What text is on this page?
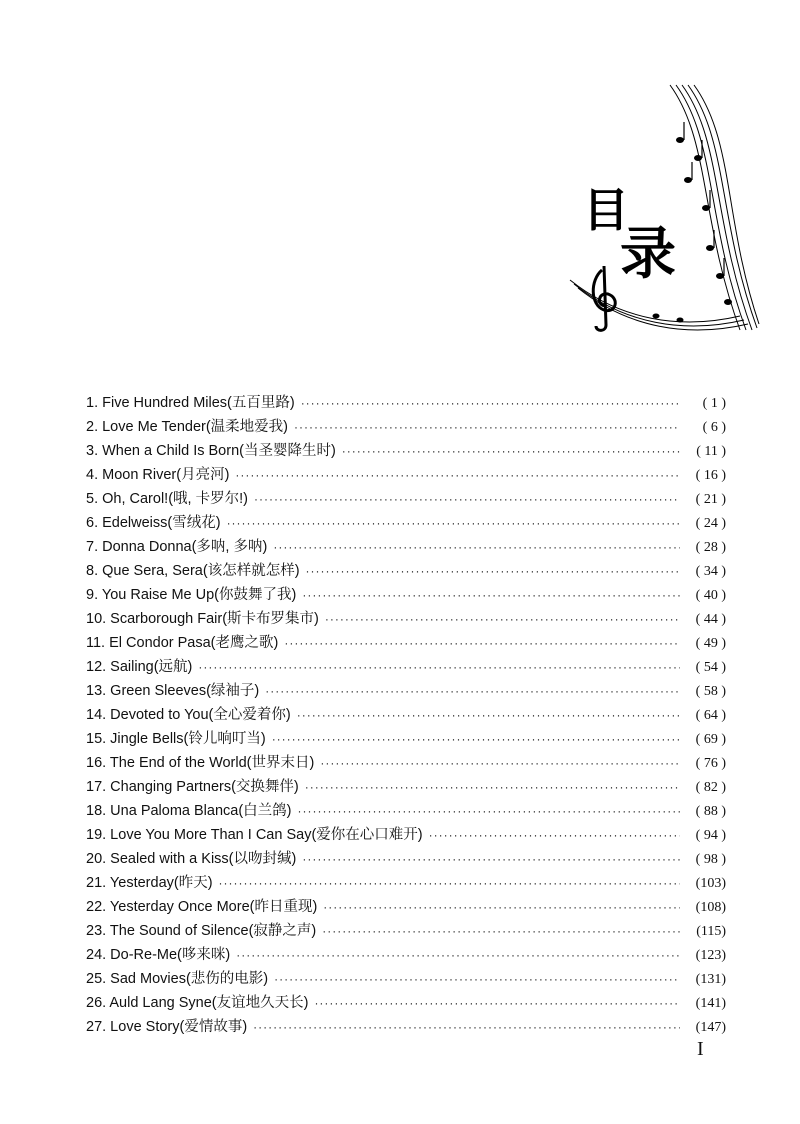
目
录
1. Five Hundred Miles(五百里路) ·····	( 1 )
2. Love Me Tender(温柔地爱我) ·····	( 6 )
3. When a Child Is Born(当圣婴降生时) ·····	( 11 )
4. Moon River(月亮河) ·····	( 16 )
5. Oh, Carol!(哦, 卡罗尔!) ·····	( 21 )
6. Edelweiss(雪绒花) ·····	( 24 )
7. Donna Donna(多呐, 多呐) ·····	( 28 )
8. Que Sera, Sera(该怎样就怎样) ·····	( 34 )
9. You Raise Me Up(你鼓舞了我) ·····	( 40 )
10. Scarborough Fair(斯卡布罗集市) ·····	( 44 )
11. El Condor Pasa(老鹰之歌) ·····	( 49 )
12. Sailing(远航) ·····	( 54 )
13. Green Sleeves(绿袖子) ·····	( 58 )
14. Devoted to You(全心爱着你) ·····	( 64 )
15. Jingle Bells(铃儿响叮当) ·····	( 69 )
16. The End of the World(世界末日) ·····	( 76 )
17. Changing Partners(交换舞伴) ·····	( 82 )
18. Una Paloma Blanca(白兰鸽) ·····	( 88 )
19. Love You More Than I Can Say(爱你在心口难开) ·····	( 94 )
20. Sealed with a Kiss(以吻封缄) ·····	( 98 )
21. Yesterday(昨天) ·····	(103)
22. Yesterday Once More(昨日重现) ·····	(108)
23. The Sound of Silence(寂静之声) ·····	(115)
24. Do-Re-Me(哆来咪) ·····	(123)
25. Sad Movies(悲伤的电影) ·····	(131)
26. Auld Lang Syne(友谊地久天长) ·····	(141)
27. Love Story(爱情故事) ·····	(147)
I
